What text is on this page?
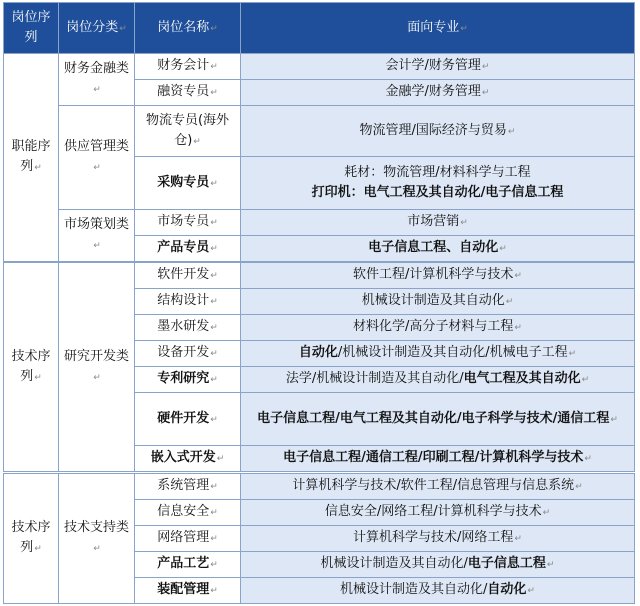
岗位序列	岗位分类↵	岗位名称↵	面向专业↵
职能序列↵	财务金融类↵	财务会计↵	会计学/财务管理↵
		融资专员↵	金融学/财务管理↵
	供应管理类↵	物流专员(海外仓)↵	物流管理/国际经济与贸易↵
		采购专员↵	耗材：物流管理/材料科学与工程
打印机：电气工程及其自动化/电子信息工程

	市场策划类↵	市场专员↵	市场营销↵
		产品专员↵	电子信息工程、自动化↵
技术序列↵	研究开发类↵	软件开发↵	软件工程/计算机科学与技术↵
		结构设计↵	机械设计制造及其自动化↵
		墨水研发↵	材料化学/高分子材料与工程↵
		设备开发↵	自动化/机械设计制造及其自动化/机械电子工程↵
		专利研究↵	法学/机械设计制造及其自动化/电气工程及其自动化↵
		硬件开发↵	电子信息工程/电气工程及其自动化/电子科学与技术/通信工程↵
		嵌入式开发↵	电子信息工程/通信工程/印刷工程/计算机科学与技术↵
技术序列↵	技术支持类↵	系统管理↵	计算机科学与技术/软件工程/信息管理与信息系统↵
		信息安全↵	信息安全/网络工程/计算机科学与技术↵
		网络管理↵	计算机科学与技术/网络工程↵
		产品工艺↵	机械设计制造及其自动化/电子信息工程↵
		装配管理↵	机械设计制造及其自动化/自动化↵
